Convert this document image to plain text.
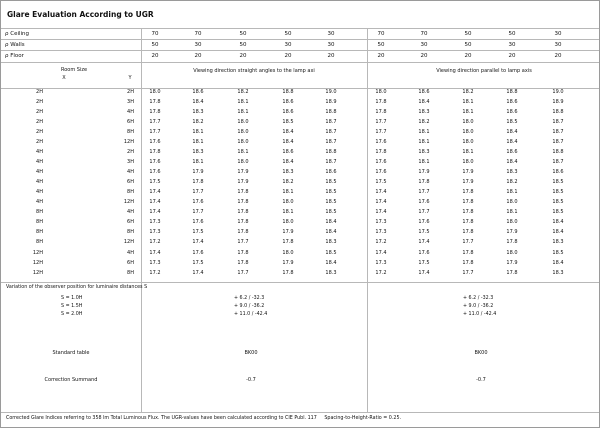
Glare Evaluation According to UGR
ρ Ceiling
ρ Walls
ρ Floor
70	70	50	50	30	70	70	50	50	30
50	30	50	30	30	50	30	50	30	30
20	20	20	20	20	20	20	20	20	20
Room Size
X	Y
Viewing direction straight angles to the lamp axi	Viewing direction parallel to lamp axis
2H	2H	18.0	18.6	18.2	18.8	19.0	18.0	18.6	18.2	18.8	19.0
2H	3H	17.8	18.4	18.1	18.6	18.9	17.8	18.4	18.1	18.6	18.9
2H	4H	17.8	18.3	18.1	18.6	18.8	17.8	18.3	18.1	18.6	18.8
2H	6H	17.7	18.2	18.0	18.5	18.7	17.7	18.2	18.0	18.5	18.7
2H	8H	17.7	18.1	18.0	18.4	18.7	17.7	18.1	18.0	18.4	18.7
2H	12H	17.6	18.1	18.0	18.4	18.7	17.6	18.1	18.0	18.4	18.7
4H	2H	17.8	18.3	18.1	18.6	18.8	17.8	18.3	18.1	18.6	18.8
4H	3H	17.6	18.1	18.0	18.4	18.7	17.6	18.1	18.0	18.4	18.7
4H	4H	17.6	17.9	17.9	18.3	18.6	17.6	17.9	17.9	18.3	18.6
4H	6H	17.5	17.8	17.9	18.2	18.5	17.5	17.8	17.9	18.2	18.5
4H	8H	17.4	17.7	17.8	18.1	18.5	17.4	17.7	17.8	18.1	18.5
4H	12H	17.4	17.6	17.8	18.0	18.5	17.4	17.6	17.8	18.0	18.5
8H	4H	17.4	17.7	17.8	18.1	18.5	17.4	17.7	17.8	18.1	18.5
8H	6H	17.3	17.6	17.8	18.0	18.4	17.3	17.6	17.8	18.0	18.4
8H	8H	17.3	17.5	17.8	17.9	18.4	17.3	17.5	17.8	17.9	18.4
8H	12H	17.2	17.4	17.7	17.8	18.3	17.2	17.4	17.7	17.8	18.3
12H	4H	17.4	17.6	17.8	18.0	18.5	17.4	17.6	17.8	18.0	18.5
12H	6H	17.3	17.5	17.8	17.9	18.4	17.3	17.5	17.8	17.9	18.4
12H	8H	17.2	17.4	17.7	17.8	18.3	17.2	17.4	17.7	17.8	18.3
Variation of the observer position for luminaire distances S
S = 1.0H	+ 6.2 / -32.3	+ 6.2 / -32.3
S = 1.5H	+ 9.0 / -36.2	+ 9.0 / -36.2
S = 2.0H	+ 11.0 / -42.4	+ 11.0 / -42.4
Standard table	BK00	BK00
Correction Summand	-0.7	-0.7
Corrected Glare Indices referring to 358 lm Total Luminous Flux. The UGR-values have been calculated according to CIE Publ. 117     Spacing-to-Height-Ratio = 0.25.
